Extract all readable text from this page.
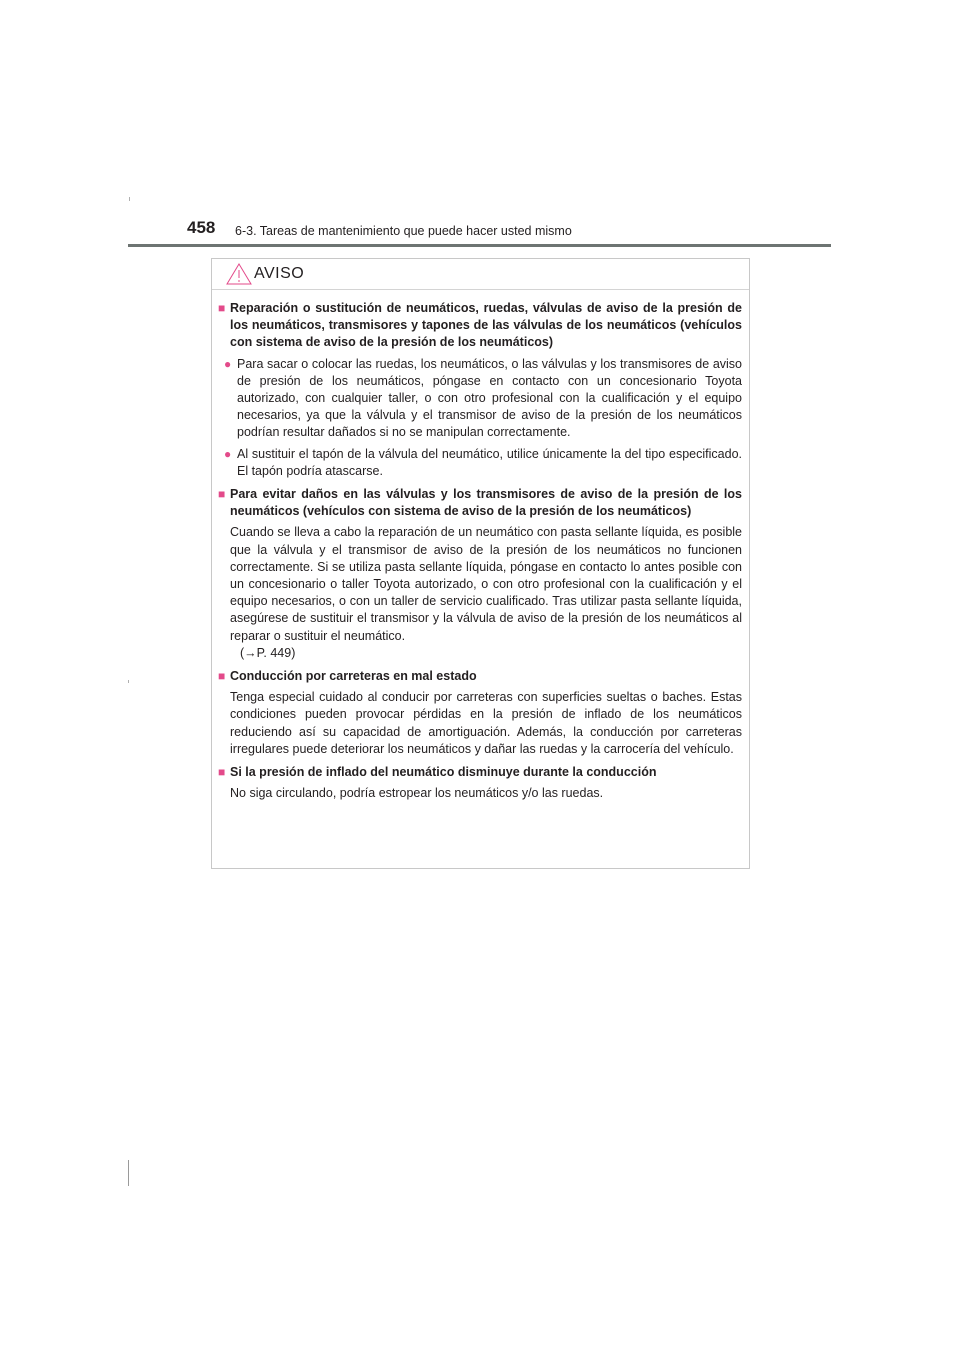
458 6-3. Tareas de mantenimiento que puede hacer usted mismo
AVISO
■ Reparación o sustitución de neumáticos, ruedas, válvulas de aviso de la presión de los neumáticos, transmisores y tapones de las válvulas de los neumáticos (vehículos con sistema de aviso de la presión de los neumáticos)
● Para sacar o colocar las ruedas, los neumáticos, o las válvulas y los transmisores de aviso de presión de los neumáticos, póngase en contacto con un concesionario Toyota autorizado, con cualquier taller, o con otro profesional con la cualificación y el equipo necesarios, ya que la válvula y el transmisor de aviso de la presión de los neumáticos podrían resultar dañados si no se manipulan correctamente.
● Al sustituir el tapón de la válvula del neumático, utilice únicamente la del tipo especificado. El tapón podría atascarse.
■ Para evitar daños en las válvulas y los transmisores de aviso de la presión de los neumáticos (vehículos con sistema de aviso de la presión de los neumáticos)
Cuando se lleva a cabo la reparación de un neumático con pasta sellante líquida, es posible que la válvula y el transmisor de aviso de la presión de los neumáticos no funcionen correctamente. Si se utiliza pasta sellante líquida, póngase en contacto lo antes posible con un concesionario o taller Toyota autorizado, o con otro profesional con la cualificación y el equipo necesarios, o con un taller de servicio cualificado. Tras utilizar pasta sellante líquida, asegúrese de sustituir el transmisor y la válvula de aviso de la presión de los neumáticos al reparar o sustituir el neumático.
(→P. 449)
■ Conducción por carreteras en mal estado
Tenga especial cuidado al conducir por carreteras con superficies sueltas o baches. Estas condiciones pueden provocar pérdidas en la presión de inflado de los neumáticos reduciendo así su capacidad de amortiguación. Además, la conducción por carreteras irregulares puede deteriorar los neumáticos y dañar las ruedas y la carrocería del vehículo.
■ Si la presión de inflado del neumático disminuye durante la conducción
No siga circulando, podría estropear los neumáticos y/o las ruedas.
